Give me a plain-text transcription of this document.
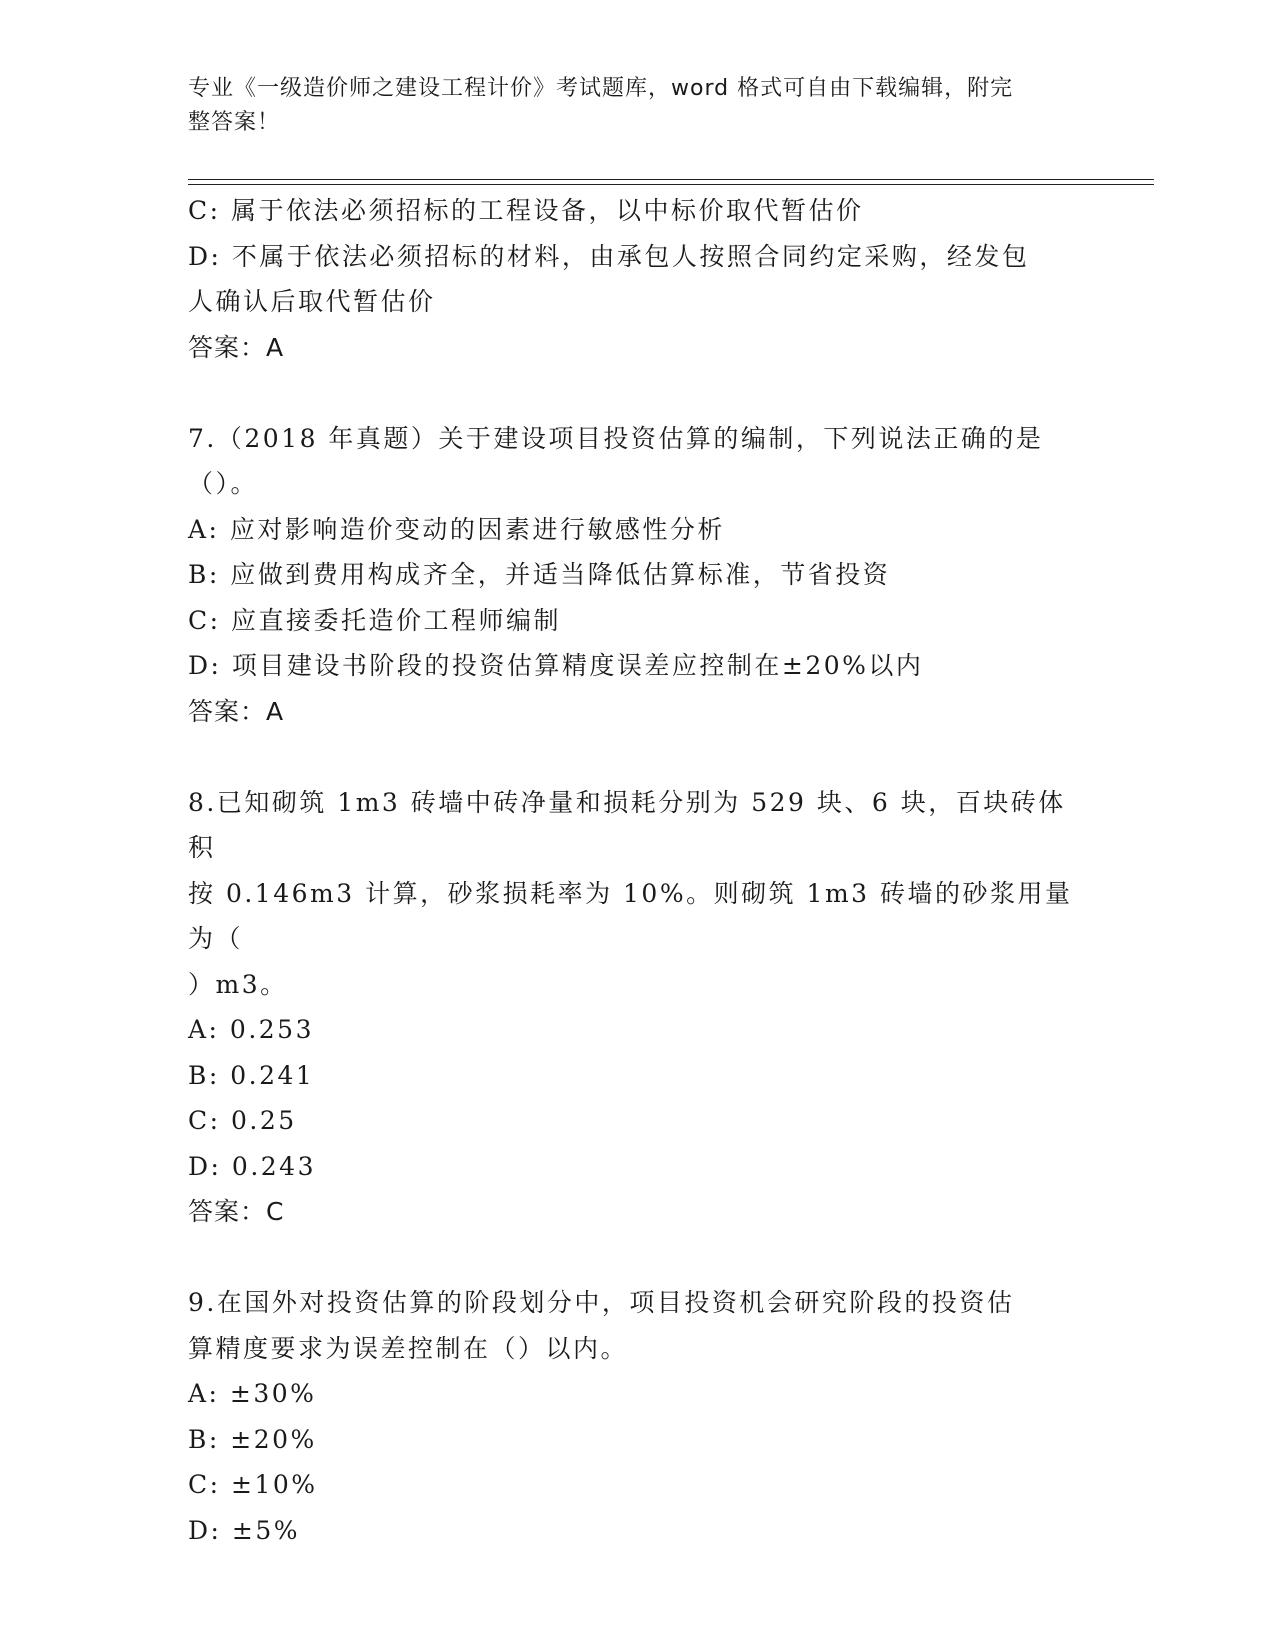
专业《一级造价师之建设工程计价》考试题库，word 格式可自由下载编辑，附完
整答案！

C: 属于依法必须招标的工程设备，以中标价取代暂估价

D: 不属于依法必须招标的材料，由承包人按照合同约定采购，经发包

人确认后取代暂估价

答案：A

7.（2018 年真题）关于建设项目投资估算的编制，下列说法正确的是

（）。

A: 应对影响造价变动的因素进行敏感性分析

B: 应做到费用构成齐全，并适当降低估算标准，节省投资

C: 应直接委托造价工程师编制

D: 项目建设书阶段的投资估算精度误差应控制在±20%以内

答案：A

8.已知砌筑 1m3 砖墙中砖净量和损耗分别为 529 块、6 块，百块砖体积

按 0.146m3 计算，砂浆损耗率为 10%。则砌筑 1m3 砖墙的砂浆用量为（

）m3。

A: 0.253

B: 0.241

C: 0.25

D: 0.243

答案：C

9.在国外对投资估算的阶段划分中，项目投资机会研究阶段的投资估

算精度要求为误差控制在（）以内。

A: ±30%

B: ±20%

C: ±10%

D: ±5%
